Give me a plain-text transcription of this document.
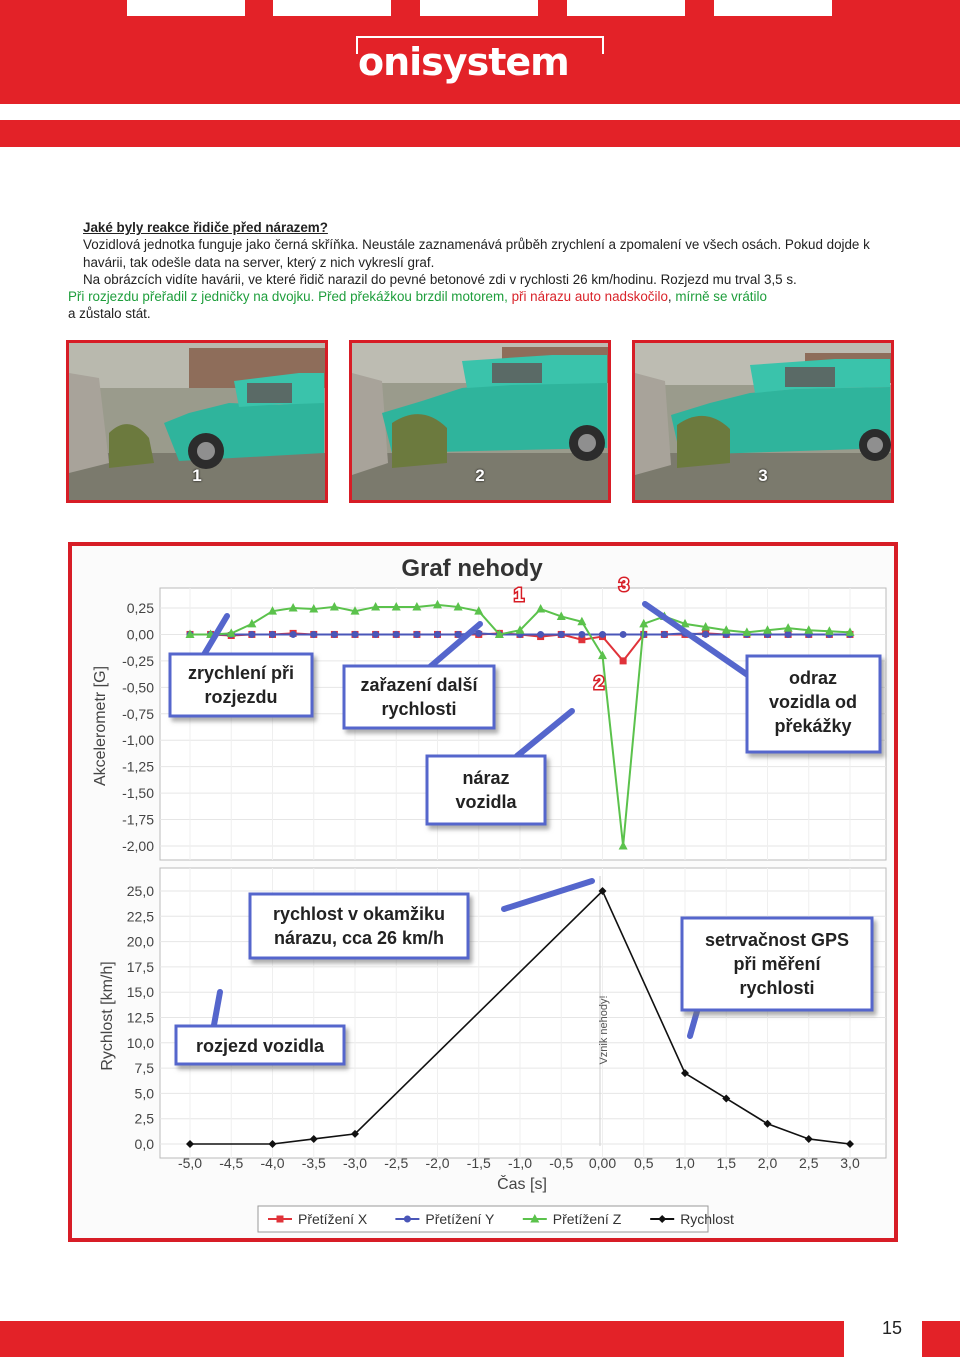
onisystem

Jaké byly reakce řidiče před nárazem?

Vozidlová jednotka funguje jako černá skříňka. Neustále zaznamenává průběh zrychlení a zpomalení ve všech osách. Pokud dojde k havárii, tak odešle data na server, který z nich vykreslí graf.

Na obrázcích vidíte havárii, ve které řidič narazil do pevné betonové zdi v rychlosti 26 km/hodinu. Rozjezd mu trval 3,5 s.

Při rozjezdu přeřadil z jedničky na dvojku. Před překážkou brzdil motorem, při nárazu auto nadskočilo, mírně se vrátilo

a zůstalo stát.

1	2	3
Graf nehody
0,25
0,00
-0,25
-0,50
-0,75
-1,00
-1,25
-1,50
-1,75
-2,00
Akcelerometr [G]
25,0
22,5
20,0
17,5
15,0
12,5
10,0
7,5
5,0
2,5
0,0
Rychlost [km/h]
-5,0 -4,5 -4,0 -3,5 -3,0 -2,5 -2,0 -1,5 -1,0 -0,5 0,00 0,5 1,0 1,5 2,0 2,5 3,0
Čas [s]
Vznik nehody!
1	3
2
zrychlení při
rozjezdu
zařazení další
rychlosti
náraz
vozidla
odraz
vozidla od
překážky
rychlost v okamžiku
nárazu, cca 26 km/h	setrvačnost GPS
při měření
rychlosti
rozjezd vozidla
Přetížení X	Přetížení Y	Přetížení Z	Rychlost
15
